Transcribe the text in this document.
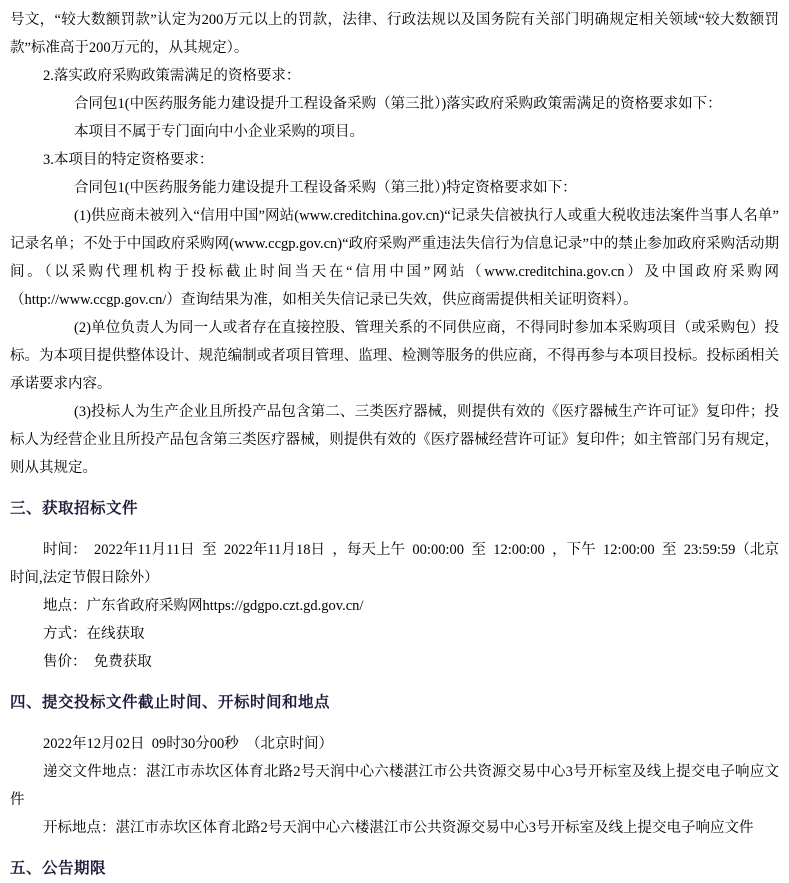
号文，“较大数额罚款”认定为200万元以上的罚款，法律、行政法规以及国务院有关部门明确规定相关领域“较大数额罚款”标准高于200万元的，从其规定）。

2.落实政府采购政策需满足的资格要求：

合同包1(中医药服务能力建设提升工程设备采购（第三批）)落实政府采购政策需满足的资格要求如下：

本项目不属于专门面向中小企业采购的项目。

3.本项目的特定资格要求：

合同包1(中医药服务能力建设提升工程设备采购（第三批）)特定资格要求如下：

(1)供应商未被列入“信用中国”网站(www.creditchina.gov.cn)“记录失信被执行人或重大税收违法案件当事人名单”记录名单；不处于中国政府采购网(www.ccgp.gov.cn)“政府采购严重违法失信行为信息记录”中的禁止参加政府采购活动期间。（以采购代理机构于投标截止时间当天在“信用中国”网站（www.creditchina.gov.cn）及中国政府采购网（http://www.ccgp.gov.cn/）查询结果为准，如相关失信记录已失效，供应商需提供相关证明资料）。

(2)单位负责人为同一人或者存在直接控股、管理关系的不同供应商，不得同时参加本采购项目（或采购包）投标。为本项目提供整体设计、规范编制或者项目管理、监理、检测等服务的供应商，不得再参与本项目投标。投标函相关承诺要求内容。

(3)投标人为生产企业且所投产品包含第二、三类医疗器械，则提供有效的《医疗器械生产许可证》复印件；投标人为经营企业且所投产品包含第三类医疗器械，则提供有效的《医疗器械经营许可证》复印件；如主管部门另有规定，则从其规定。

三、获取招标文件

时间：  2022年11月11日  至  2022年11月18日  ，每天上午  00:00:00  至  12:00:00  ，下午  12:00:00  至  23:59:59（北京时间,法定节假日除外）

地点：广东省政府采购网https://gdgpo.czt.gd.gov.cn/

方式：在线获取

售价：  免费获取

四、提交投标文件截止时间、开标时间和地点

2022年12月02日  09时30分00秒  （北京时间）

递交文件地点：湛江市赤坎区体育北路2号天润中心六楼湛江市公共资源交易中心3号开标室及线上提交电子响应文件

开标地点：湛江市赤坎区体育北路2号天润中心六楼湛江市公共资源交易中心3号开标室及线上提交电子响应文件

五、公告期限
